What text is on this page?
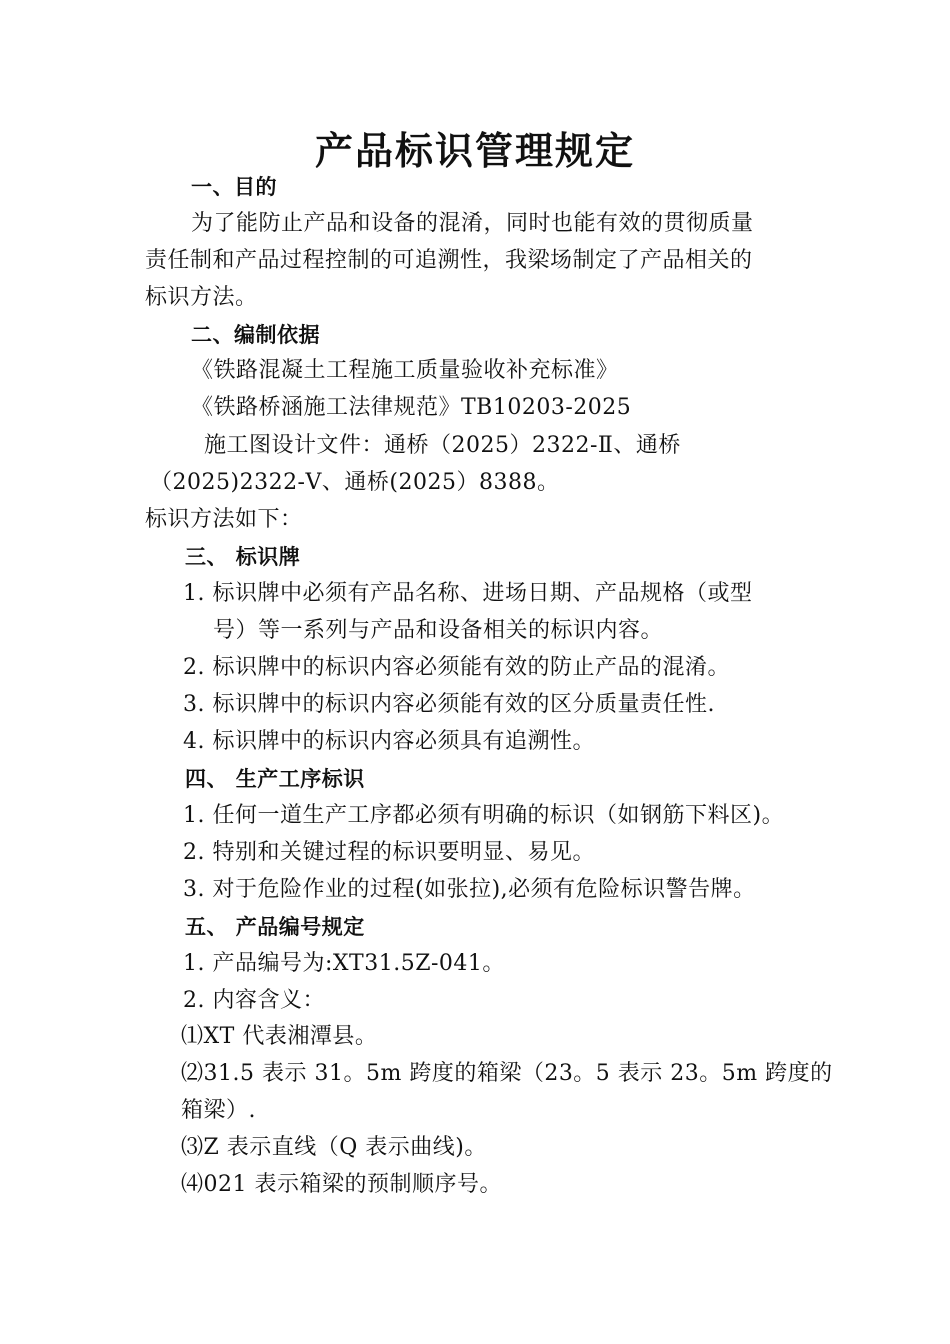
产品标识管理规定
一、目的
为了能防止产品和设备的混淆，同时也能有效的贯彻质量
责任制和产品过程控制的可追溯性，我梁场制定了产品相关的
标识方法。
二、编制依据
《铁路混凝土工程施工质量验收补充标准》
《铁路桥涵施工法律规范》TB10203-2025
施工图设计文件：通桥（2025）2322-Ⅱ、通桥
（2025)2322-Ⅴ、通桥(2025）8388。
标识方法如下：
三、 标识牌
1. 标识牌中必须有产品名称、进场日期、产品规格（或型
号）等一系列与产品和设备相关的标识内容。
2. 标识牌中的标识内容必须能有效的防止产品的混淆。
3. 标识牌中的标识内容必须能有效的区分质量责任性.
4. 标识牌中的标识内容必须具有追溯性。
四、 生产工序标识
1. 任何一道生产工序都必须有明确的标识（如钢筋下料区)。
2. 特别和关键过程的标识要明显、易见。
3. 对于危险作业的过程(如张拉),必须有危险标识警告牌。
五、 产品编号规定
1. 产品编号为:XT31.5Z-041。
2. 内容含义：
⑴XT 代表湘潭县。
⑵31.5 表示 31。5m 跨度的箱梁（23。5 表示 23。5m 跨度的
箱梁）.
⑶Z 表示直线（Q 表示曲线)。
⑷021 表示箱梁的预制顺序号。
